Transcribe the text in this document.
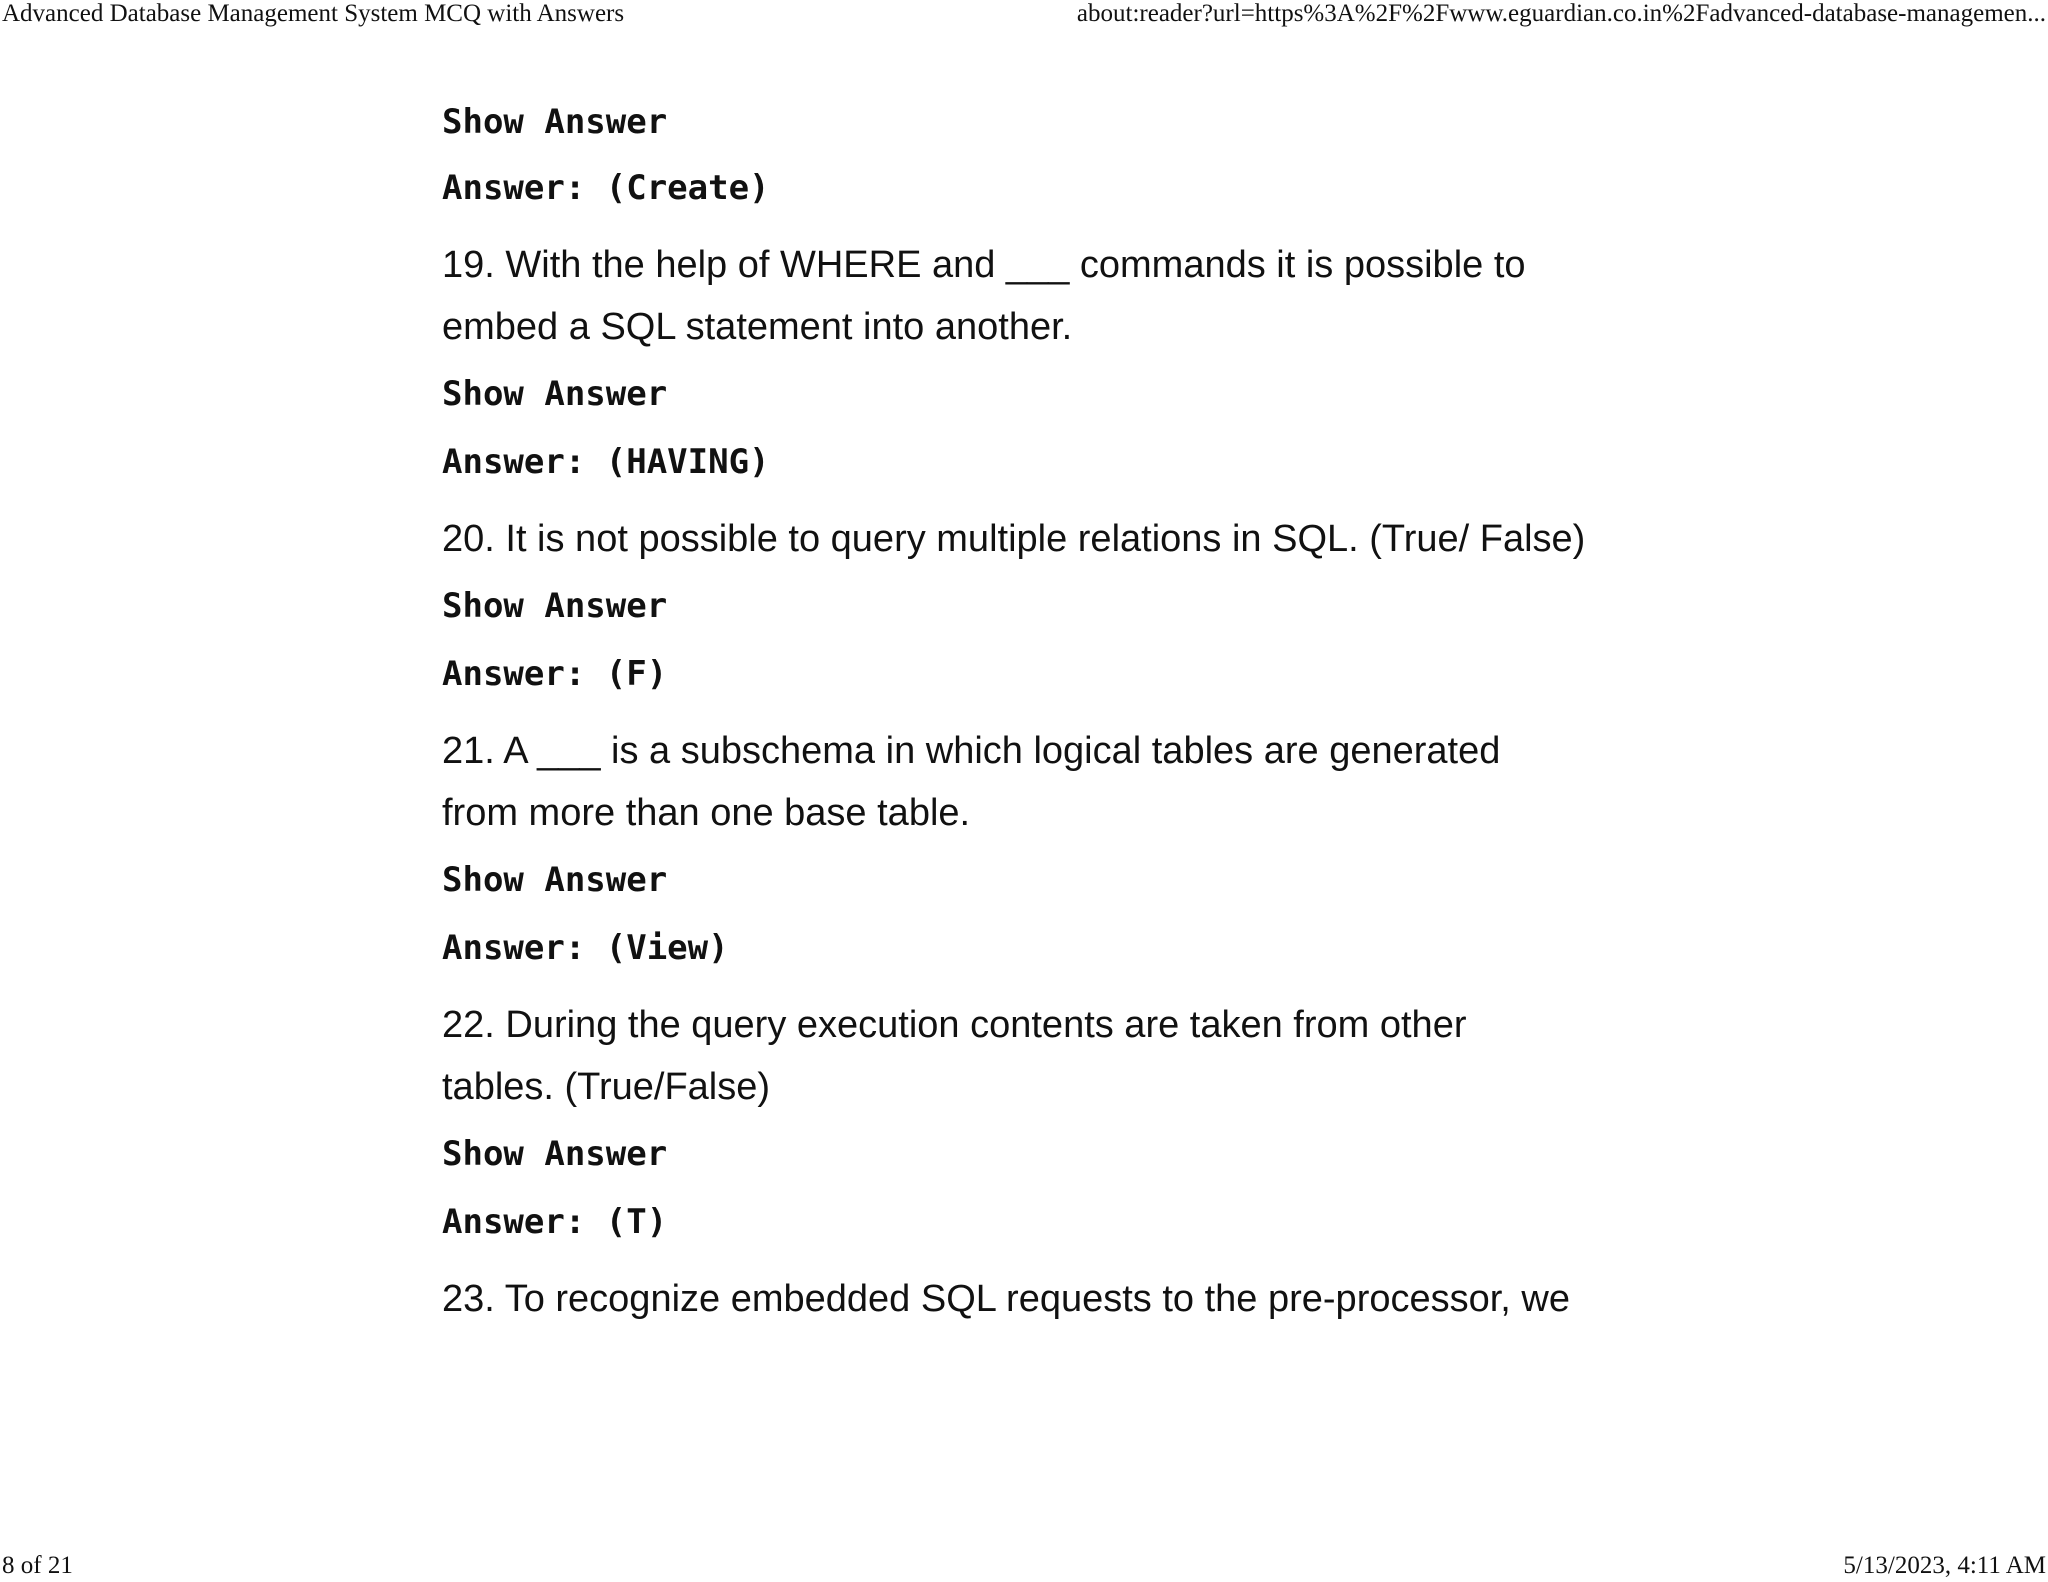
Advanced Database Management System MCQ with Answers	about:reader?url=https%3A%2F%2Fwww.eguardian.co.in%2Fadvanced-database-managemen...
Show Answer
Answer: (Create)
19. With the help of WHERE and ___ commands it is possible to
embed a SQL statement into another.
Show Answer
Answer: (HAVING)
20. It is not possible to query multiple relations in SQL. (True/ False)
Show Answer
Answer: (F)
21. A ___ is a subschema in which logical tables are generated
from more than one base table.
Show Answer
Answer: (View)
22. During the query execution contents are taken from other
tables. (True/False)
Show Answer
Answer: (T)
23. To recognize embedded SQL requests to the pre-processor, we
8 of 21	5/13/2023, 4:11 AM
